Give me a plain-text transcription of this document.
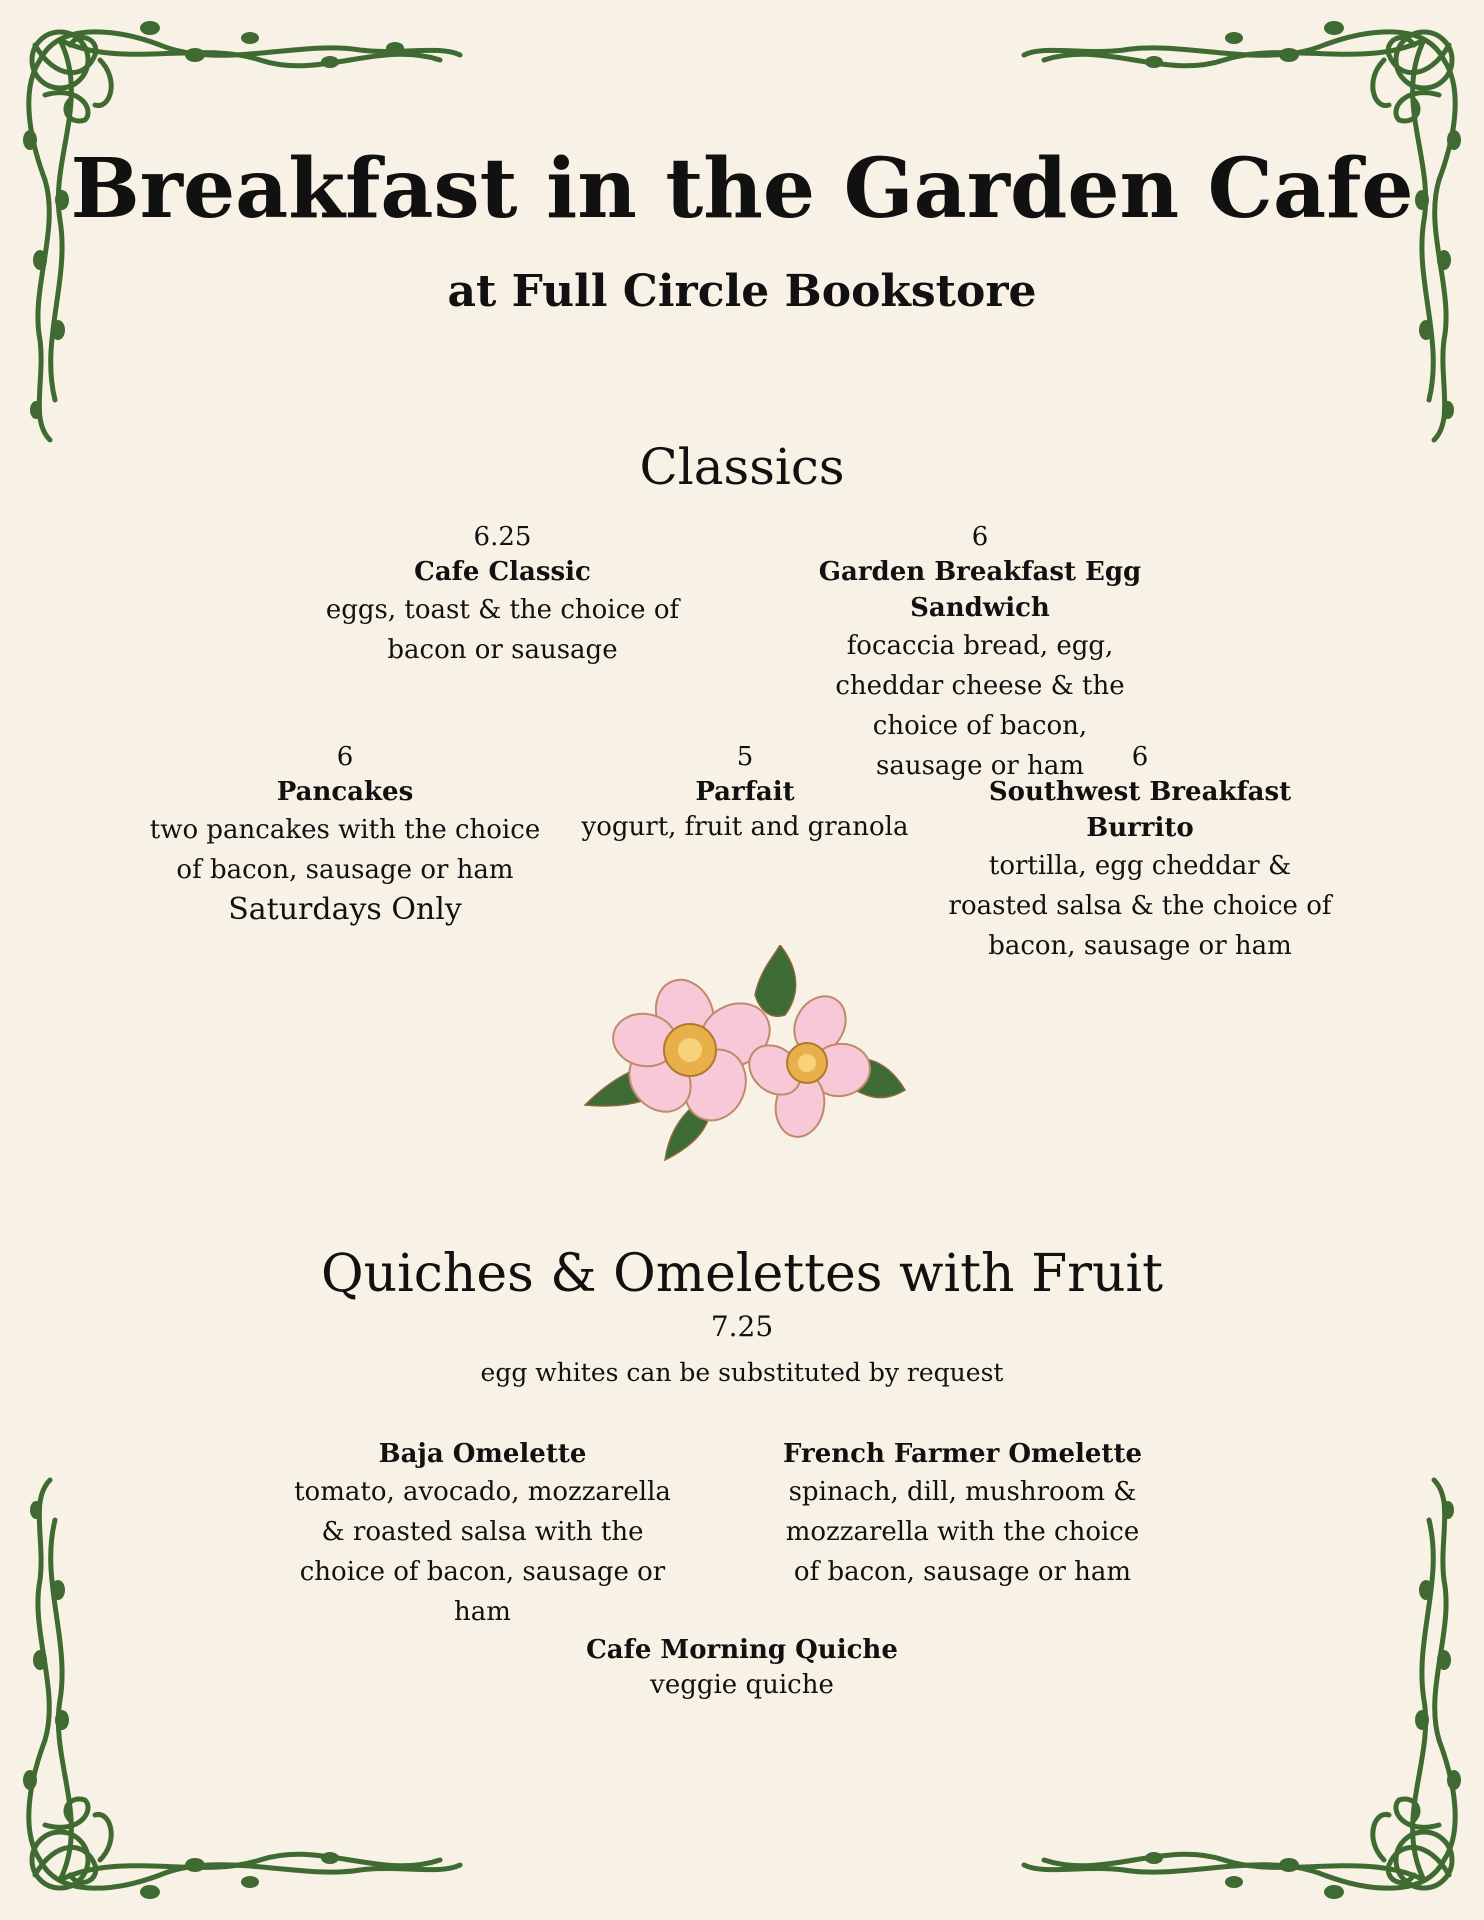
Breakfast in the Garden Cafe
at Full Circle Bookstore
Classics
6.25
Cafe Classic
eggs, toast & the choice of bacon or sausage
6
Garden Breakfast Egg Sandwich
focaccia bread, egg, cheddar cheese & the choice of bacon, sausage or ham
6
Pancakes
two pancakes with the choice of bacon, sausage or ham
Saturdays Only
5
Parfait
yogurt, fruit and granola
6
Southwest Breakfast Burrito
tortilla, egg cheddar & roasted salsa & the choice of bacon, sausage or ham
Quiches & Omelettes with Fruit
7.25
egg whites can be substituted by request
Baja Omelette
tomato, avocado, mozzarella & roasted salsa with the choice of bacon, sausage or ham
French Farmer Omelette
spinach, dill, mushroom & mozzarella with the choice of bacon, sausage or ham
Cafe Morning Quiche
veggie quiche
